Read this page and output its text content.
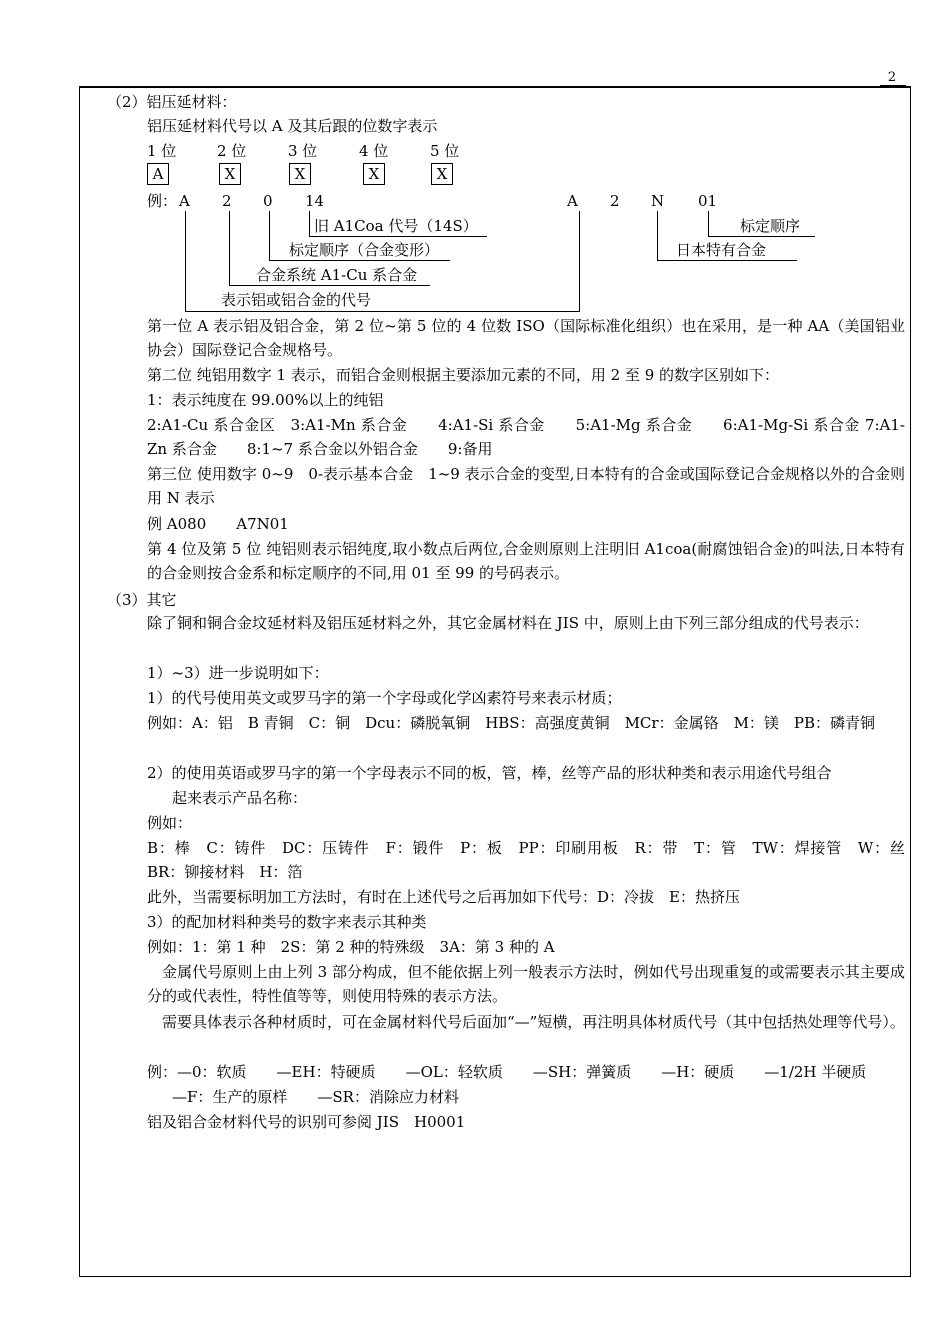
2
（2）铝压延材料：
铝压延材料代号以 A 及其后跟的位数字表示
1 位	2 位	3 位	4 位	5 位
A	X	X	X	X
例： A 2 0 14	A 2 N 01
旧 A1Coa 代号（14S）
标定顺序（合金变形）
合金系统 A1-Cu 系合金
表示铝或铝合金的代号
标定顺序
日本特有合金
第一位 A 表示铝及铝合金，第 2 位~第 5 位的 4 位数 ISO（国际标准化组织）也在采用，是一种 AA（美国铝业协会）国际登记合金规格号。
第二位 纯铝用数字 1 表示，而铝合金则根据主要添加元素的不同，用 2 至 9 的数字区别如下：
1：表示纯度在 99.00%以上的纯铝
2:A1-Cu 系合金区　3:A1-Mn 系合金　　4:A1-Si 系合金　　5:A1-Mg 系合金　　6:A1-Mg-Si 系合金 7:A1-Zn 系合金　　8:1~7 系合金以外铝合金　　9:备用
第三位 使用数字 0~9　0-表示基本合金　1~9 表示合金的变型,日本特有的合金或国际登记合金规格以外的合金则用 N 表示
例 A080　　A7N01
第 4 位及第 5 位 纯铝则表示铝纯度,取小数点后两位,合金则原则上注明旧 A1coa(耐腐蚀铝合金)的叫法,日本特有的合金则按合金系和标定顺序的不同,用 01 至 99 的号码表示。
（3）其它
除了铜和铜合金坟延材料及铝压延材料之外，其它金属材料在 JIS 中，原则上由下列三部分组成的代号表示：
1）~3）进一步说明如下：
1）的代号使用英文或罗马字的第一个字母或化学凶素符号来表示材质；
例如：A：铝　B 青铜　C：铜　Dcu：磷脱氧铜　HBS：高强度黄铜　MCr：金属铬　M：镁　PB：磷青铜
2）的使用英语或罗马字的第一个字母表示不同的板，管，棒，丝等产品的形状种类和表示用途代号组合
起来表示产品名称：
例如：
B：棒　C：铸件　DC：压铸件　F：锻件　P：板　PP：印刷用板　R：带　T：管　TW：焊接管　W：丝　BR：铆接材料　H：箔
此外，当需要标明加工方法时，有时在上述代号之后再加如下代号：D：冷拔　E：热挤压
3）的配加材料种类号的数字来表示其种类
例如：1：第 1 种　2S：第 2 种的特殊级　3A：第 3 种的 A
金属代号原则上由上列 3 部分构成，但不能依据上列一般表示方法时，例如代号出现重复的或需要表示其主要成分的或代表性，特性值等等，则使用特殊的表示方法。
需要具体表示各种材质时，可在金属材料代号后面加“—”短横，再注明具体材质代号（其中包括热处理等代号）。
例：—0：软质　　—EH：特硬质　　—OL：轻软质　　—SH：弹簧质　　—H：硬质　　—1/2H 半硬质
—F：生产的原样　　—SR：消除应力材料
铝及铝合金材料代号的识别可参阅 JIS　H0001
